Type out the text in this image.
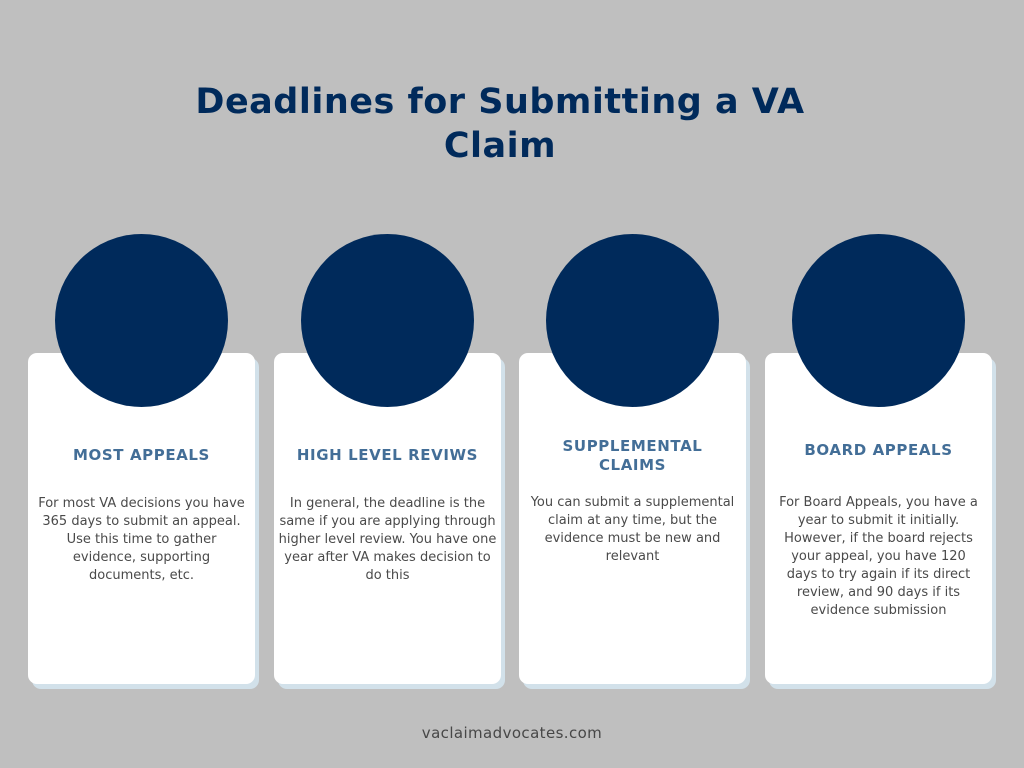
Deadlines for Submitting a VA Claim
MOST APPEALS
For most VA decisions you have 365 days to submit an appeal. Use this time to gather evidence, supporting documents, etc.
HIGH LEVEL REVIWS
In general, the deadline is the same if you are applying through higher level review. You have one year after VA makes decision to do this
SUPPLEMENTAL CLAIMS
You can submit a supplemental claim at any time, but the evidence must be new and relevant
BOARD APPEALS
For Board Appeals, you have a year to submit it initially. However, if the board rejects your appeal, you have 120 days to try again if its direct review, and 90 days if its evidence submission
vaclaimadvocates.com
